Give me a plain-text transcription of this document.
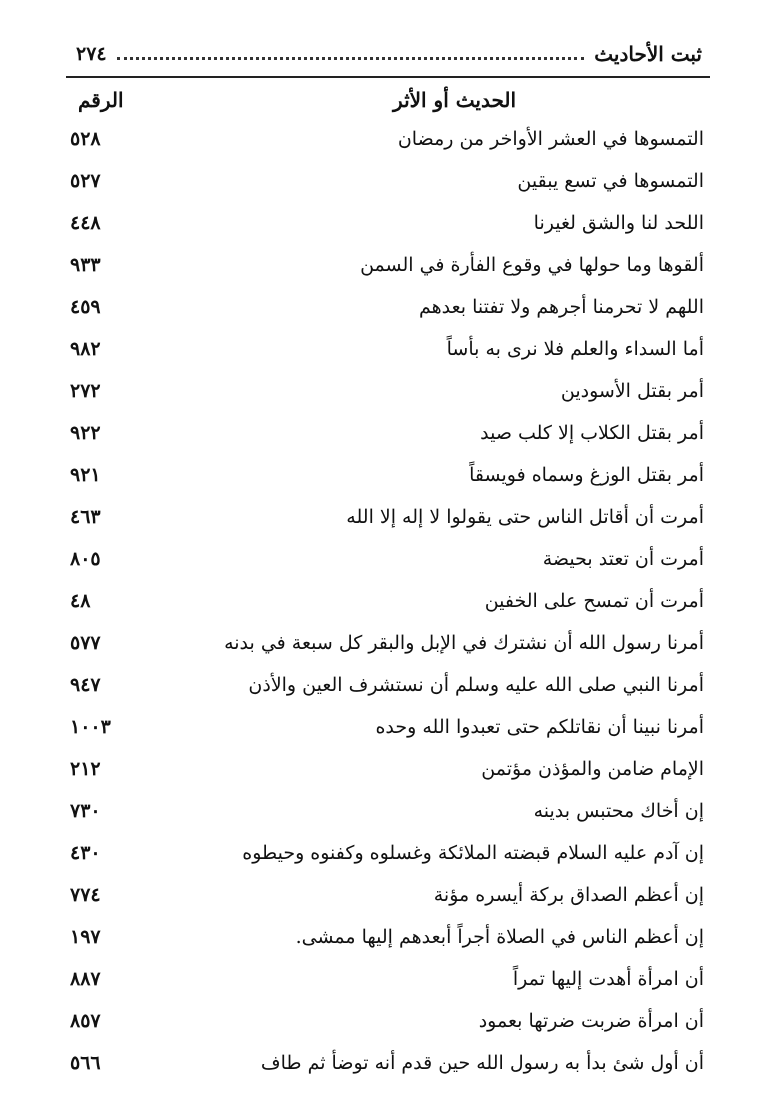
ثبت الأحاديث
٢٧٤
الحديث أو الأثر
الرقم
التمسوها في العشر الأواخر من رمضان
٥٢٨
التمسوها في تسع يبقين
٥٢٧
اللحد لنا والشق لغيرنا
٤٤٨
ألقوها وما حولها في وقوع الفأرة في السمن
٩٣٣
اللهم لا تحرمنا أجرهم ولا تفتنا بعدهم
٤٥٩
أما السداء والعلم فلا نرى به بأساً
٩٨٢
أمر بقتل الأسودين
٢٧٢
أمر بقتل الكلاب إلا كلب صيد
٩٢٢
أمر بقتل الوزغ وسماه فويسقاً
٩٢١
أمرت أن أقاتل الناس حتى يقولوا لا إله إلا الله
٤٦٣
أمرت أن تعتد بحيضة
٨٠٥
أمرت أن تمسح على الخفين
٤٨
أمرنا رسول الله أن نشترك في الإبل والبقر كل سبعة في بدنه
٥٧٧
أمرنا النبي صلى الله عليه وسلم أن نستشرف العين والأذن
٩٤٧
أمرنا نبينا أن نقاتلكم حتى تعبدوا الله وحده
١٠٠٣
الإمام ضامن والمؤذن مؤتمن
٢١٢
إن أخاك محتبس بدينه
٧٣٠
إن آدم عليه السلام قبضته الملائكة وغسلوه وكفنوه وحيطوه
٤٣٠
إن أعظم الصداق بركة أيسره مؤنة
٧٧٤
إن أعظم الناس في الصلاة أجراً أبعدهم إليها ممشى.
١٩٧
أن امرأة أهدت إليها تمراً
٨٨٧
أن امرأة ضربت ضرتها بعمود
٨٥٧
أن أول شئ بدأ به رسول الله حين قدم أنه توضأ ثم طاف
٥٦٦
